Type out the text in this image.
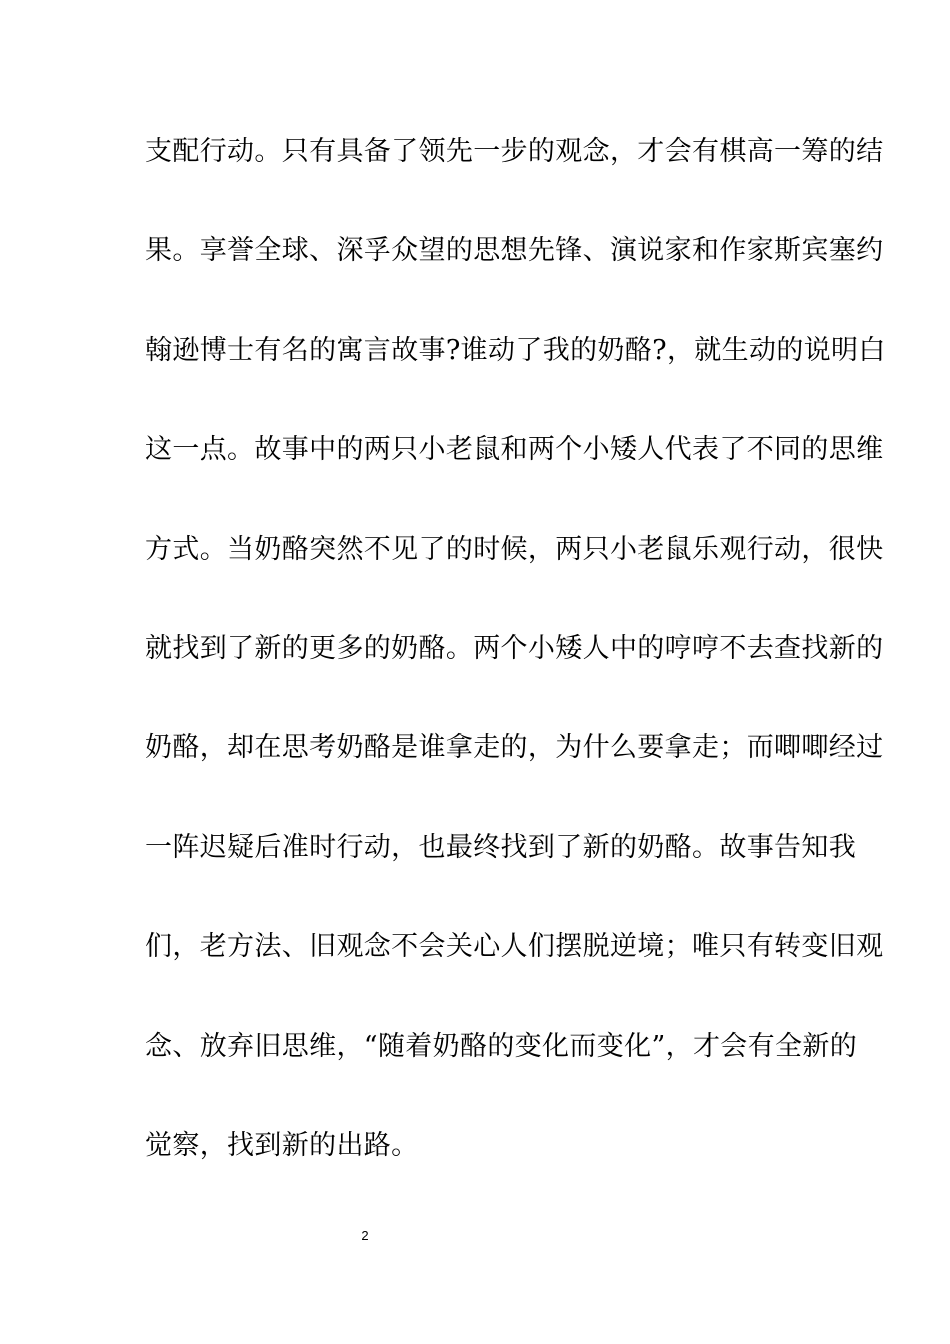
支配行动。只有具备了领先一步的观念，才会有棋高一筹的结
果。享誉全球、深孚众望的思想先锋、演说家和作家斯宾塞约
翰逊博士有名的寓言故事?谁动了我的奶酪?，就生动的说明白
这一点。故事中的两只小老鼠和两个小矮人代表了不同的思维
方式。当奶酪突然不见了的时候，两只小老鼠乐观行动，很快
就找到了新的更多的奶酪。两个小矮人中的哼哼不去查找新的
奶酪，却在思考奶酪是谁拿走的，为什么要拿走；而唧唧经过
一阵迟疑后准时行动，也最终找到了新的奶酪。故事告知我
们，老方法、旧观念不会关心人们摆脱逆境；唯只有转变旧观
念、放弃旧思维，“随着奶酪的变化而变化”，才会有全新的
觉察，找到新的出路。
2
